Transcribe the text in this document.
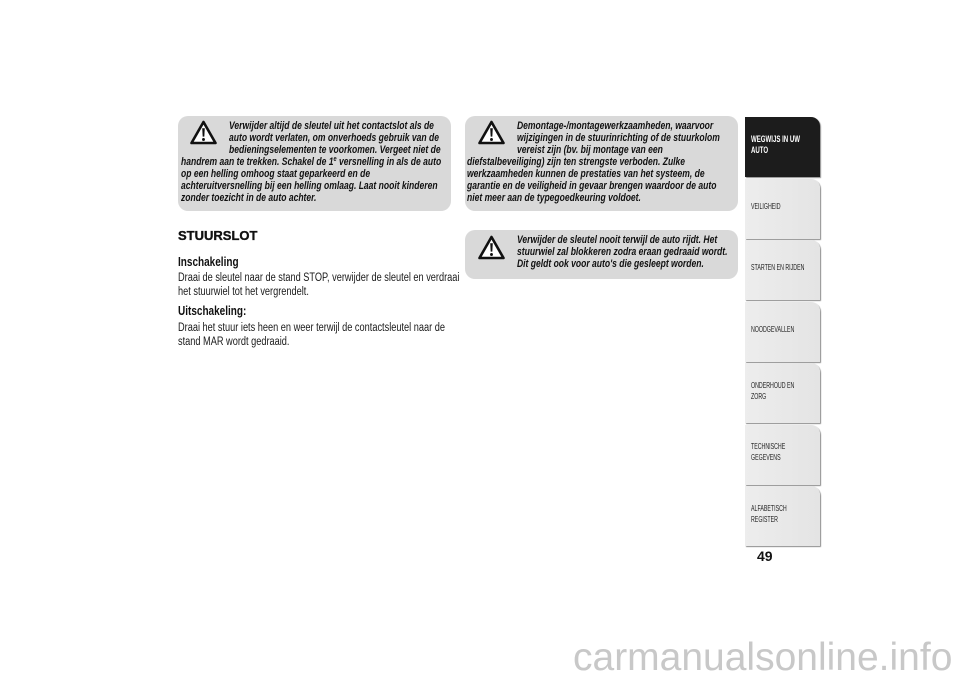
Verwijder altijd de sleutel uit het contactslot als de
auto wordt verlaten, om onverhoeds gebruik van de
bedieningselementen te voorkomen. Vergeet niet de
handrem aan te trekken. Schakel de 1e versnelling in als de auto
op een helling omhoog staat geparkeerd en de
achteruitversnelling bij een helling omlaag. Laat nooit kinderen
zonder toezicht in de auto achter.
STUURSLOT
Inschakeling
Draai de sleutel naar de stand STOP, verwijder de sleutel en verdraai
het stuurwiel tot het vergrendelt.
Uitschakeling:
Draai het stuur iets heen en weer terwijl de contactsleutel naar de
stand MAR wordt gedraaid.
Demontage-/montagewerkzaamheden, waarvoor
wijzigingen in de stuurinrichting of de stuurkolom
vereist zijn (bv. bij montage van een
diefstalbeveiliging) zijn ten strengste verboden. Zulke
werkzaamheden kunnen de prestaties van het systeem, de
garantie en de veiligheid in gevaar brengen waardoor de auto
niet meer aan de typegoedkeuring voldoet.
Verwijder de sleutel nooit terwijl de auto rijdt. Het
stuurwiel zal blokkeren zodra eraan gedraaid wordt.
Dit geldt ook voor auto's die gesleept worden.
WEGWIJS IN UW
AUTO
VEILIGHEID
STARTEN EN RIJDEN
NOODGEVALLEN
ONDERHOUD EN
ZORG
TECHNISCHE
GEGEVENS
ALFABETISCH
REGISTER
49
carmanualsonline.info
